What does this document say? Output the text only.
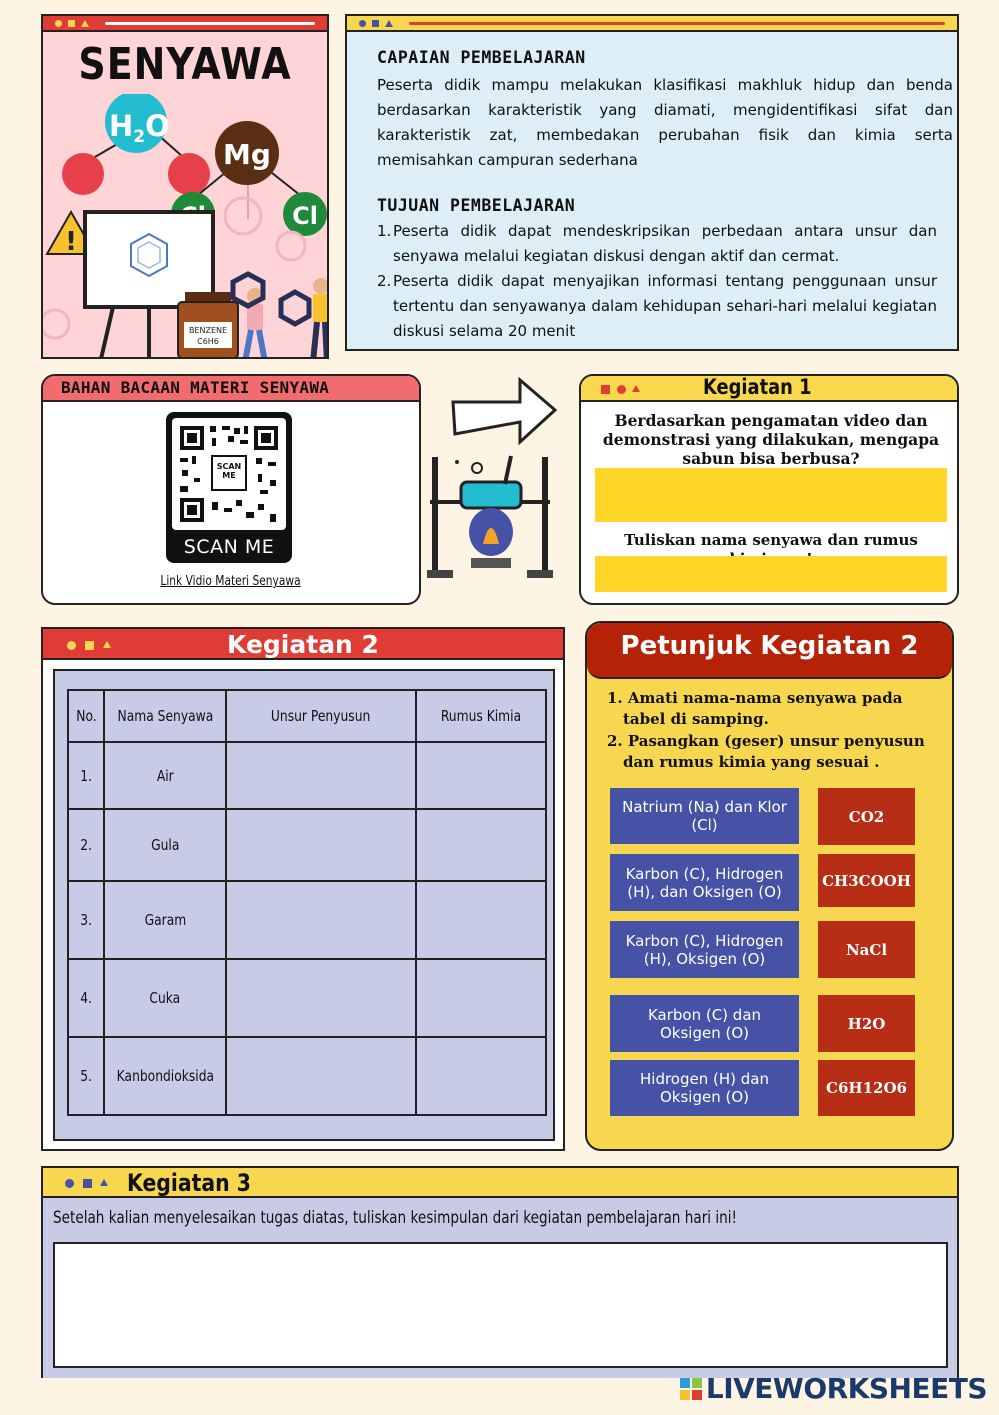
SENYAWA
$H_2O$
Mg
Cl
!
BENZENE
C6H6
CAPAIAN PEMBELAJARAN
Peserta didik mampu melakukan klasifikasi makhluk hidup dan benda berdasarkan karakteristik yang diamati, mengidentifikasi sifat dan karakteristik zat, membedakan perubahan fisik dan kimia serta memisahkan campuran sederhana
TUJUAN PEMBELAJARAN
1. Peserta didik dapat mendeskripsikan perbedaan antara unsur dan senyawa melalui kegiatan diskusi dengan aktif dan cermat.
2. Peserta didik dapat menyajikan informasi tentang penggunaan unsur tertentu dan senyawanya dalam kehidupan sehari-hari melalui kegiatan diskusi selama 20 menit
BAHAN BACAAN MATERI SENYAWA
SCAN ME
SCAN ME
Link Vidio Materi Senyawa
Kegiatan 1
Berdasarkan pengamatan video dan demonstrasi yang dilakukan, mengapa sabun bisa berbusa?
Tuliskan nama senyawa dan rumus
Kegiatan 2
No.	Nama Senyawa	Unsur Penyusun	Rumus Kimia
1.	Air		
2.	Gula		
3.	Garam		
4.	Cuka		
5.	Kanbondioksida		
Petunjuk Kegiatan 2
1. Amati nama-nama senyawa pada tabel di samping.
2. Pasangkan (geser) unsur penyusun dan rumus kimia yang sesuai .
Natrium (Na) dan Klor (Cl)
Karbon (C), Hidrogen (H), dan Oksigen (O)
Karbon (C), Hidrogen (H), Oksigen (O)
Karbon (C) dan Oksigen (O)
Hidrogen (H) dan Oksigen (O)
CO2
CH3COOH
NaCl
H2O
C6H12O6
Kegiatan 3
Setelah kalian menyelesaikan tugas diatas, tuliskan kesimpulan dari kegiatan pembelajaran hari ini!
LIVEWORKSHEETS
